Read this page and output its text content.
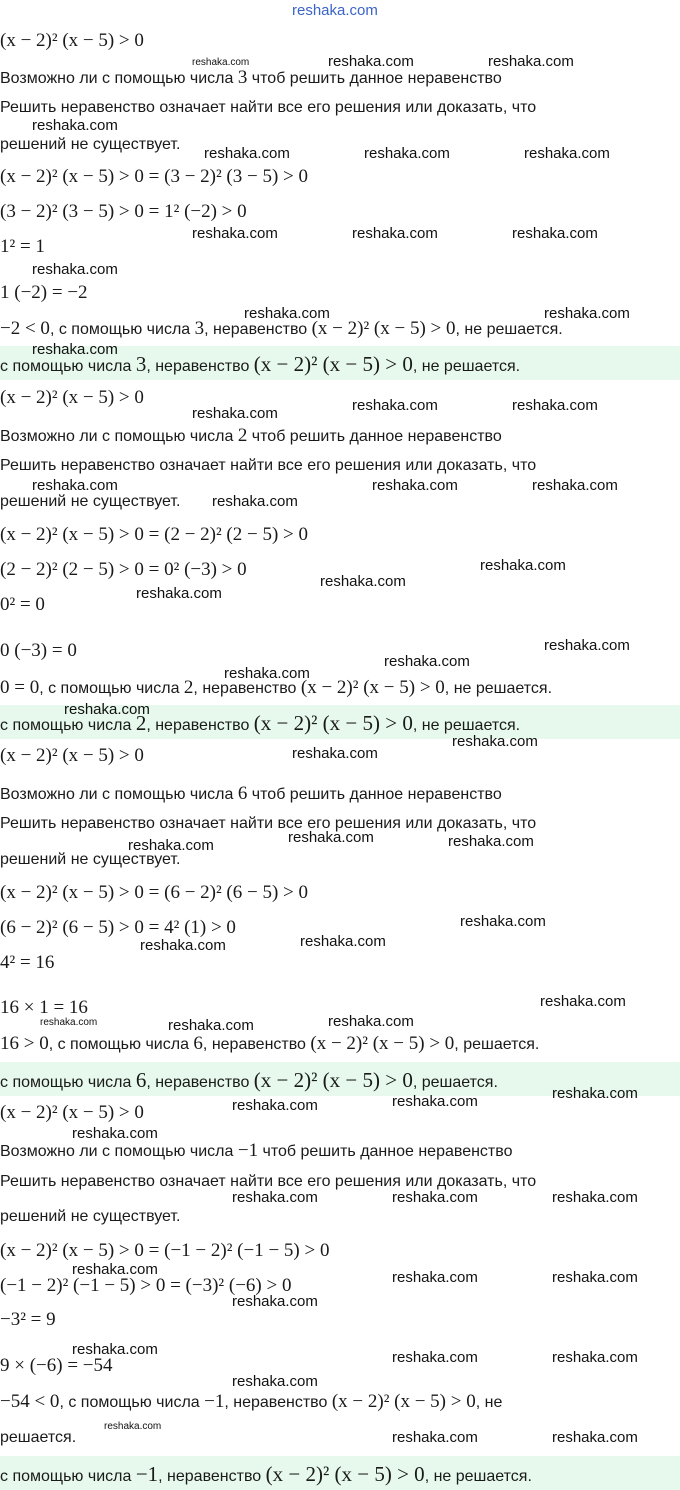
reshaka.com
(x − 2)² (x − 5) > 0
Возможно ли с помощью числа 3 чтоб решить данное неравенство
Решить неравенство означает найти все его решения или доказать, что
решений не существует.
(x − 2)² (x − 5) > 0 = (3 − 2)² (3 − 5) > 0
(3 − 2)² (3 − 5) > 0 = 1² (−2) > 0
1² = 1
1 (−2) = −2
−2 < 0, с помощью числа 3, неравенство (x − 2)² (x − 5) > 0, не решается.
с помощью числа 3, неравенство (x − 2)² (x − 5) > 0, не решается.
(x − 2)² (x − 5) > 0
Возможно ли с помощью числа 2 чтоб решить данное неравенство
Решить неравенство означает найти все его решения или доказать, что
решений не существует.
(x − 2)² (x − 5) > 0 = (2 − 2)² (2 − 5) > 0
(2 − 2)² (2 − 5) > 0 = 0² (−3) > 0
0² = 0
0 (−3) = 0
0 = 0, с помощью числа 2, неравенство (x − 2)² (x − 5) > 0, не решается.
с помощью числа 2, неравенство (x − 2)² (x − 5) > 0, не решается.
(x − 2)² (x − 5) > 0
Возможно ли с помощью числа 6 чтоб решить данное неравенство
Решить неравенство означает найти все его решения или доказать, что
решений не существует.
(x − 2)² (x − 5) > 0 = (6 − 2)² (6 − 5) > 0
(6 − 2)² (6 − 5) > 0 = 4² (1) > 0
4² = 16
16 × 1 = 16
16 > 0, с помощью числа 6, неравенство (x − 2)² (x − 5) > 0, решается.
с помощью числа 6, неравенство (x − 2)² (x − 5) > 0, решается.
(x − 2)² (x − 5) > 0
Возможно ли с помощью числа −1 чтоб решить данное неравенство
Решить неравенство означает найти все его решения или доказать, что
решений не существует.
(x − 2)² (x − 5) > 0 = (−1 − 2)² (−1 − 5) > 0
(−1 − 2)² (−1 − 5) > 0 = (−3)² (−6) > 0
−3² = 9
9 × (−6) = −54
−54 < 0, с помощью числа −1, неравенство (x − 2)² (x − 5) > 0, не
решается.
с помощью числа −1, неравенство (x − 2)² (x − 5) > 0, не решается.
reshaka.com	reshaka.com	reshaka.com
reshaka.com
reshaka.com	reshaka.com	reshaka.com
reshaka.com	reshaka.com	reshaka.com
reshaka.com
reshaka.com	reshaka.com
reshaka.com
reshaka.com	reshaka.com	reshaka.com
reshaka.com
reshaka.com
reshaka.com	reshaka.com
reshaka.com
reshaka.com
reshaka.com
reshaka.com
reshaka.com
reshaka.com
reshaka.com
reshaka.com
reshaka.com
reshaka.com	reshaka.com
reshaka.com
reshaka.com
reshaka.com
reshaka.com
reshaka.com
reshaka.com
reshaka.com
reshaka.com
reshaka.com
reshaka.com
reshaka.com
reshaka.com
reshaka.com	reshaka.com	reshaka.com
reshaka.com	reshaka.com	reshaka.com
reshaka.com
reshaka.com	reshaka.com	reshaka.com
reshaka.com
reshaka.com
reshaka.com	reshaka.com
